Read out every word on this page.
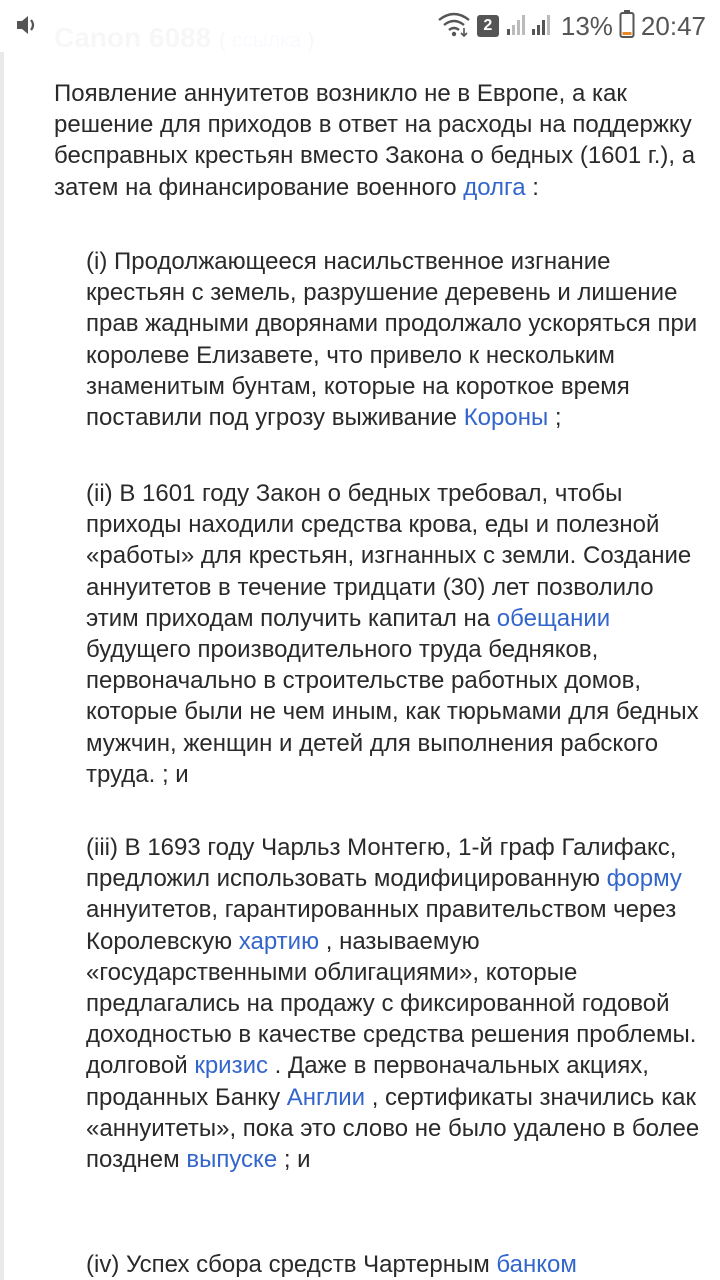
Появление аннуитетов возникло не в Европе, а как решение для приходов в ответ на расходы на поддержку бесправных крестьян вместо Закона о бедных (1601 г.), а затем на финансирование военного долга :

(i) Продолжающееся насильственное изгнание крестьян с земель, разрушение деревень и лишение прав жадными дворянами продолжало ускоряться при королеве Елизавете, что привело к нескольким знаменитым бунтам, которые на короткое время поставили под угрозу выживание Короны ;

(ii) В 1601 году Закон о бедных требовал, чтобы приходы находили средства крова, еды и полезной «работы» для крестьян, изгнанных с земли. Создание аннуитетов в течение тридцати (30) лет позволило этим приходам получить капитал на обещании будущего производительного труда бедняков, первоначально в строительстве работных домов, которые были не чем иным, как тюрьмами для бедных мужчин, женщин и детей для выполнения рабского труда. ; и

(iii) В 1693 году Чарльз Монтегю, 1-й граф Галифакс, предложил использовать модифицированную форму аннуитетов, гарантированных правительством через Королевскую хартию , называемую «государственными облигациями», которые предлагались на продажу с фиксированной годовой доходностью в качестве средства решения проблемы. долговой кризис . Даже в первоначальных акциях, проданных Банку Англии , сертификаты значились как «аннуитеты», пока это слово не было удалено в более позднем выпуске ; и

(iv) Успех сбора средств Чартерным банком

2	13% 20:47
